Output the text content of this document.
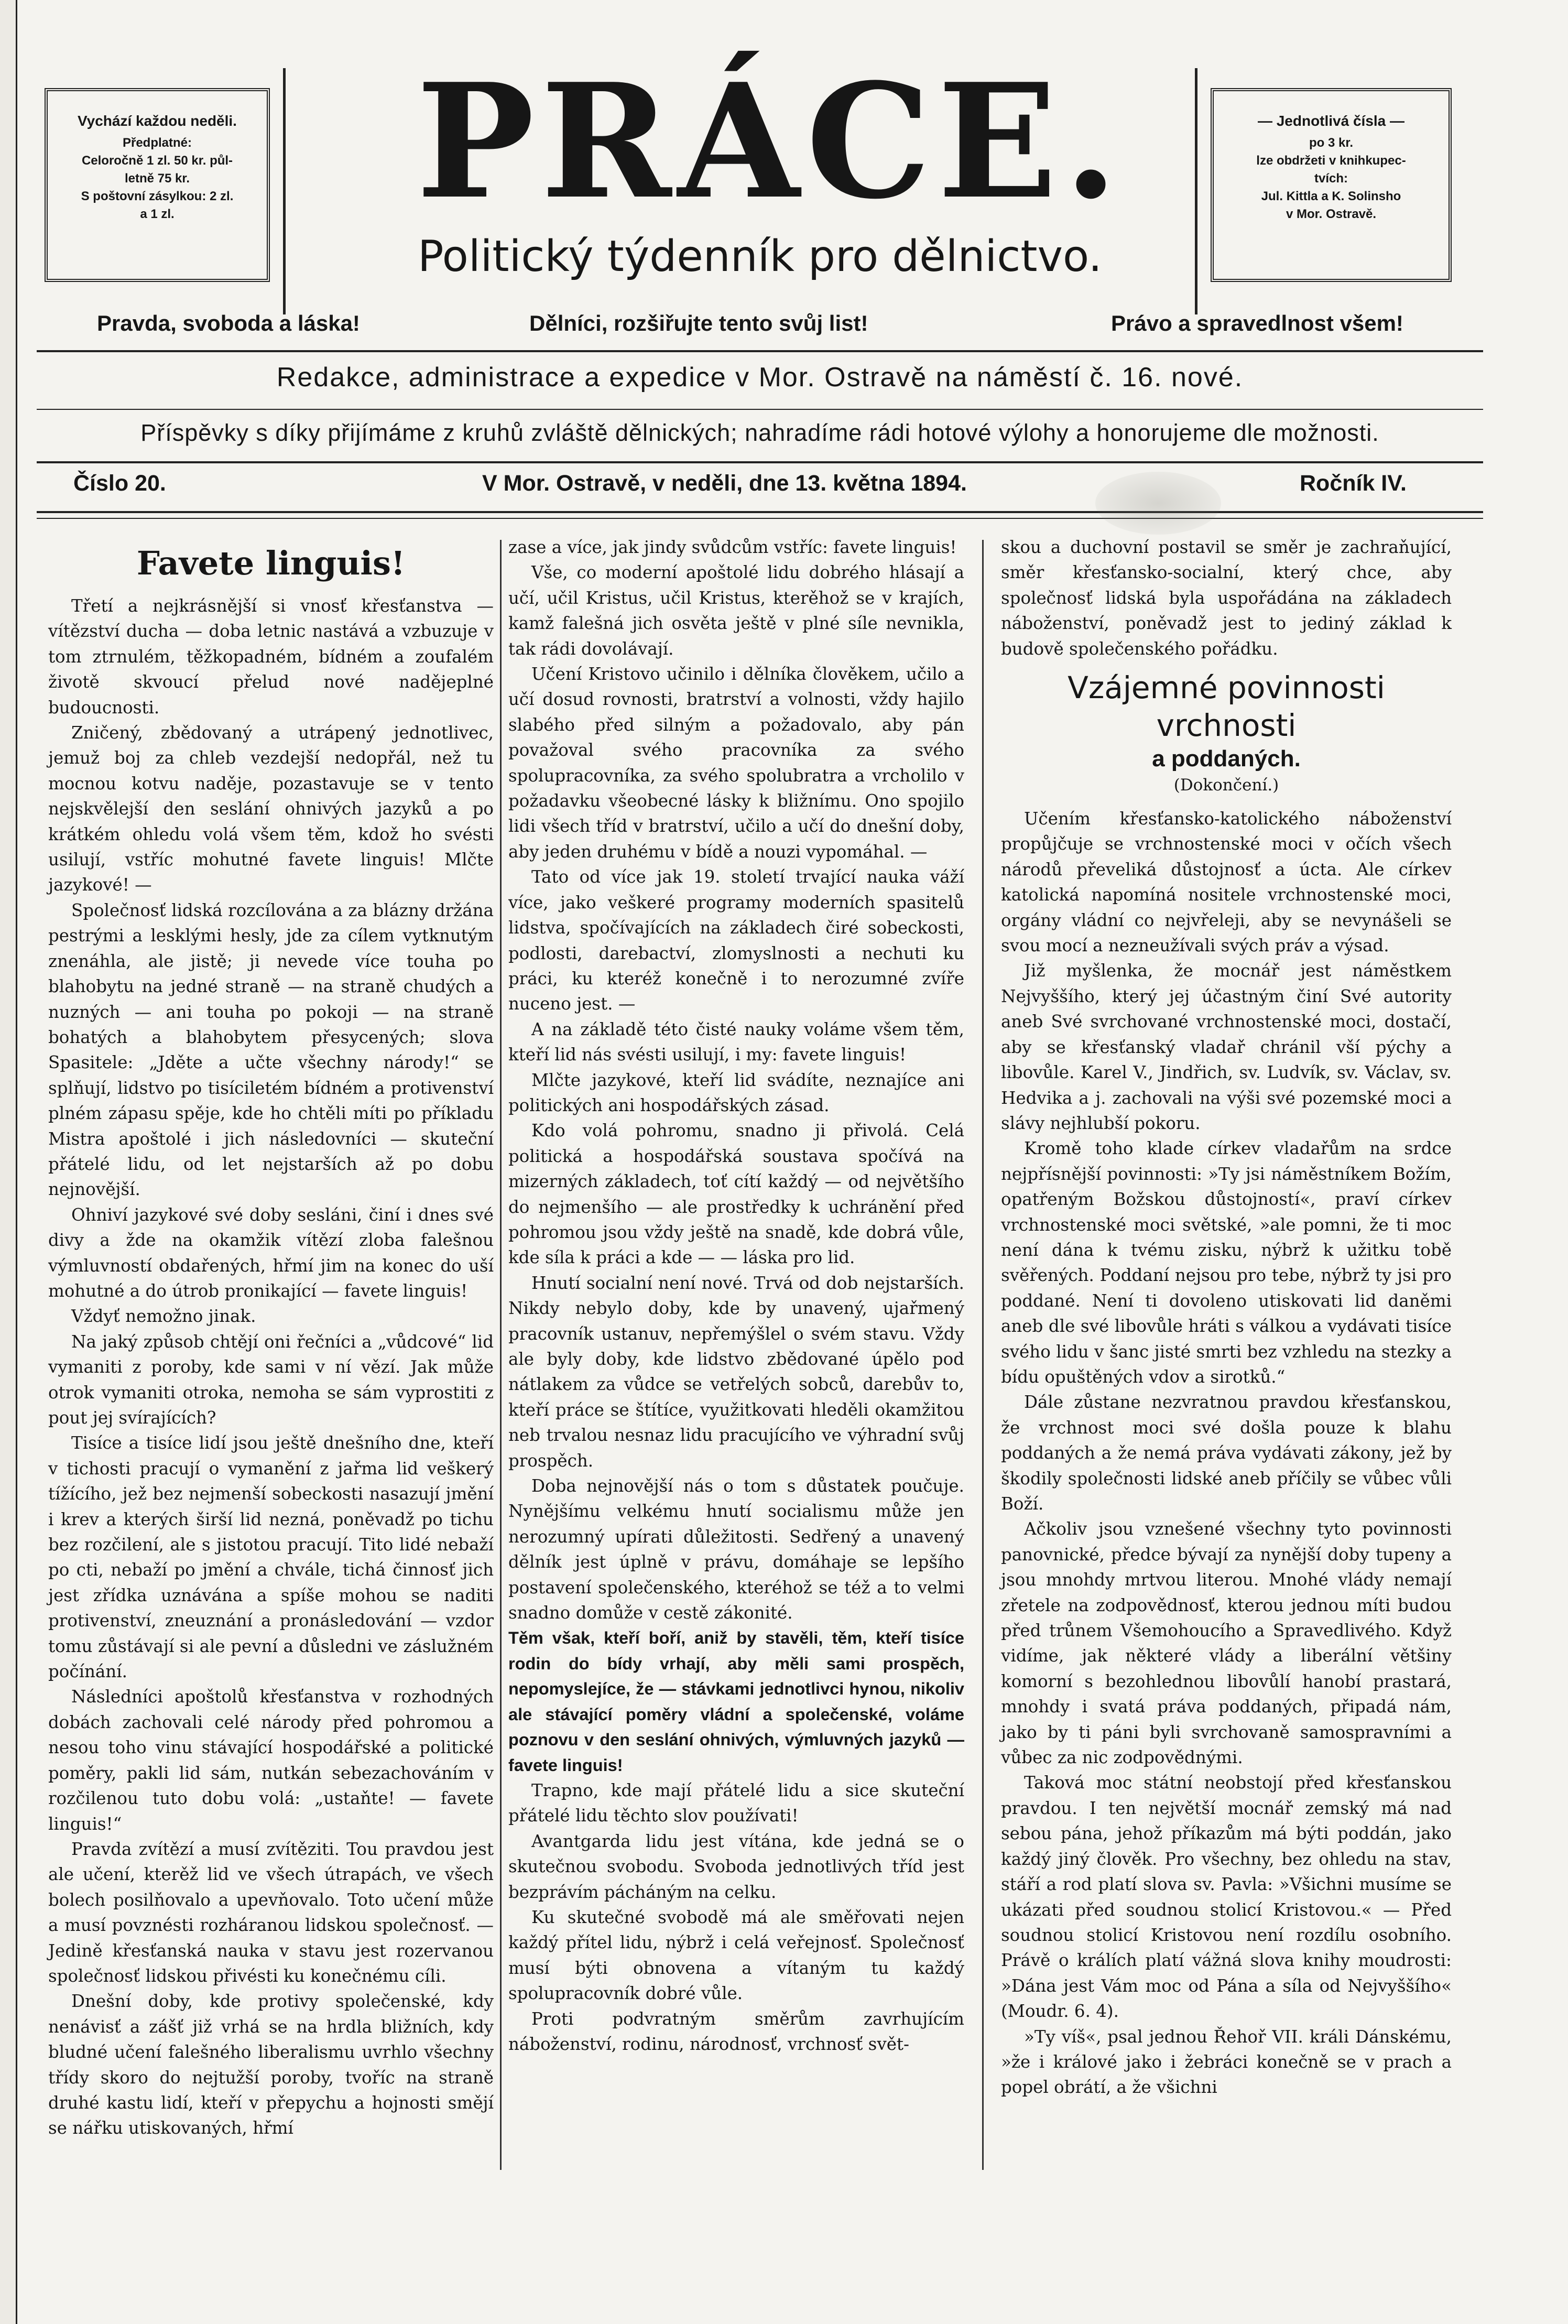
Vychází každou neděli.
Předplatné:
Celoročně 1 zl. 50 kr. půl-
letně 75 kr.
S poštovní zásylkou: 2 zl.
a 1 zl.	PRÁCE.
Politický týdenník pro dělnictvo.
— Jednotlivá čísla —
po 3 kr.
lze obdržeti v knihkupec-
tvích:
Jul. Kittla a K. Solinsho
v Mor. Ostravě.
Pravda, svoboda a láska!	Dělníci, rozšiřujte tento svůj list!	Právo a spravedlnost všem!
Redakce, administrace a expedice v Mor. Ostravě na náměstí č. 16. nové.
Příspěvky s díky přijímáme z kruhů zvláště dělnických; nahradíme rádi hotové výlohy a honorujeme dle možnosti.
Číslo 20.	V Mor. Ostravě, v neděli, dne 13. května 1894.	Ročník IV.
Favete linguis!

Třetí a nejkrásnější si vnosť křesťanstva — vítězství ducha — doba letnic nastává a vzbuzuje v tom ztrnulém, těžkopadném, bídném a zoufalém životě skvoucí přelud nové nadějeplné budoucnosti.

Zničený, zbědovaný a utrápený jednotlivec, jemuž boj za chleb vezdejší nedopřál, než tu mocnou kotvu naděje, pozastavuje se v tento nejskvělejší den seslání ohnivých jazyků a po krátkém ohledu volá všem těm, kdož ho svésti usilují, vstříc mohutné favete linguis! Mlčte jazykové! —

Společnosť lidská rozcílována a za blázny držána pestrými a lesklými hesly, jde za cílem vytknutým znenáhla, ale jistě; ji nevede více touha po blahobytu na jedné straně — na straně chudých a nuzných — ani touha po pokoji — na straně bohatých a blahobytem přesycených; slova Spasitele: „Jděte a učte všechny národy!“ se splňují, lidstvo po tisíciletém bídném a protivenství plném zápasu spěje, kde ho chtěli míti po příkladu Mistra apoštolé i jich následovníci — skuteční přátelé lidu, od let nejstarších až po dobu nejnovější.

Ohniví jazykové své doby sesláni, činí i dnes své divy a žde na okamžik vítězí zloba falešnou výmluvností obdařených, hřmí jim na konec do uší mohutné a do útrob pronikající — favete linguis!

Vždyť nemožno jinak.

Na jaký způsob chtějí oni řečníci a „vůdcové“ lid vymaniti z poroby, kde sami v ní vězí. Jak může otrok vymaniti otroka, nemoha se sám vyprostiti z pout jej svírajících?

Tisíce a tisíce lidí jsou ještě dnešního dne, kteří v tichosti pracují o vymanění z jařma lid veškerý tížícího, jež bez nejmenší sobeckosti nasazují jmění i krev a kterých širší lid nezná, poněvadž po tichu bez rozčilení, ale s jistotou pracují. Tito lidé nebaží po cti, nebaží po jmění a chvále, tichá činnosť jich jest zřídka uznávána a spíše mohou se naditi protivenství, zneuznání a pronásledování — vzdor tomu zůstávají si ale pevní a důsledni ve záslužném počínání.

Následníci apoštolů křesťanstva v rozhodných dobách zachovali celé národy před pohromou a nesou toho vinu stávající hospodářské a politické poměry, pakli lid sám, nutkán sebezachováním v rozčilenou tuto dobu volá: „ustaňte! — favete linguis!“

Pravda zvítězí a musí zvítěziti. Tou pravdou jest ale učení, kterěž lid ve všech útrapách, ve všech bolech posilňovalo a upevňovalo. Toto učení může a musí povznésti rozháranou lidskou společnosť. — Jedině křesťanská nauka v stavu jest rozervanou společnosť lidskou přivésti ku konečnému cíli.

Dnešní doby, kde protivy společenské, kdy nenávisť a zášť již vrhá se na hrdla bližních, kdy bludné učení falešného liberalismu uvrhlo všechny třídy skoro do nejtužší poroby, tvoříc na straně druhé kastu lidí, kteří v přepychu a hojnosti smějí se nářku utiskovaných, hřmí

zase a více, jak jindy svůdcům vstříc: favete linguis!

Vše, co moderní apoštolé lidu dobrého hlásají a učí, učil Kristus, učil Kristus, kterěhož se v krajích, kamž falešná jich osvěta ještě v plné síle nevnikla, tak rádi dovolávají.

Učení Kristovo učinilo i dělníka člověkem, učilo a učí dosud rovnosti, bratrství a volnosti, vždy hajilo slabého před silným a požadovalo, aby pán považoval svého pracovníka za svého spolupracovníka, za svého spolubratra a vrcholilo v požadavku všeobecné lásky k bližnímu. Ono spojilo lidi všech tříd v bratrství, učilo a učí do dnešní doby, aby jeden druhému v bídě a nouzi vypomáhal. —

Tato od více jak 19. století trvající nauka váží více, jako veškeré programy moderních spasitelů lidstva, spočívajících na základech čiré sobeckosti, podlosti, darebactví, zlomyslnosti a nechuti ku práci, ku kteréž konečně i to nerozumné zvíře nuceno jest. —

A na základě této čisté nauky voláme všem těm, kteří lid nás svésti usilují, i my: favete linguis!

Mlčte jazykové, kteří lid svádíte, neznajíce ani politických ani hospodářských zásad.

Kdo volá pohromu, snadno ji přivolá. Celá politická a hospodářská soustava spočívá na mizerných základech, toť cítí každý — od největšího do nejmenšího — ale prostředky k uchránění před pohromou jsou vždy ještě na snadě, kde dobrá vůle, kde síla k práci a kde — — láska pro lid.

Hnutí socialní není nové. Trvá od dob nejstarších. Nikdy nebylo doby, kde by unavený, ujařmený pracovník ustanuv, nepřemýšlel o svém stavu. Vždy ale byly doby, kde lidstvo zbědované úpělo pod nátlakem za vůdce se vetřelých sobců, darebův to, kteří práce se štítíce, využitkovati hleděli okamžitou neb trvalou nesnaz lidu pracujícího ve výhradní svůj prospěch.

Doba nejnovější nás o tom s důstatek poučuje. Nynějšímu velkému hnutí socialismu může jen nerozumný upírati důležitosti. Sedřený a unavený dělník jest úplně v právu, domáhaje se lepšího postavení společenského, kteréhož se též a to velmi snadno domůže v cestě zákonité.

Těm však, kteří boří, aniž by stavěli, těm, kteří tisíce rodin do bídy vrhají, aby měli sami prospěch, nepomyslejíce, že — stávkami jednotlivci hynou, nikoliv ale stávající poměry vládní a společenské, voláme poznovu v den seslání ohnivých, výmluvných jazyků — favete linguis!

Trapno, kde mají přátelé lidu a sice skuteční přátelé lidu těchto slov používati!

Avantgarda lidu jest vítána, kde jedná se o skutečnou svobodu. Svoboda jednotlivých tříd jest bezprávím pácháným na celku.

Ku skutečné svobodě má ale směřovati nejen každý přítel lidu, nýbrž i celá veřejnosť. Společnosť musí býti obnovena a vítaným tu každý spolupracovník dobré vůle.

Proti podvratným směrům zavrhujícím náboženství, rodinu, národnosť, vrchnosť svět-

skou a duchovní postavil se směr je zachraňující, směr křesťansko-socialní, který chce, aby společnosť lidská byla uspořádána na základech náboženství, poněvadž jest to jediný základ k budově společenského pořádku.

Vzájemné povinnosti vrchnosti
a poddaných.
(Dokončení.)

Učením křesťansko-katolického náboženství propůjčuje se vrchnostenské moci v očích všech národů převeliká důstojnosť a úcta. Ale církev katolická napomíná nositele vrchnostenské moci, orgány vládní co nejvřeleji, aby se nevynášeli se svou mocí a nezneužívali svých práv a výsad.

Již myšlenka, že mocnář jest náměstkem Nejvyššího, který jej účastným činí Své autority aneb Své svrchované vrchnostenské moci, dostačí, aby se křesťanský vladař chránil vší pýchy a libovůle. Karel V., Jindřich, sv. Ludvík, sv. Václav, sv. Hedvika a j. zachovali na výši své pozemské moci a slávy nejhlubší pokoru.

Kromě toho klade církev vladařům na srdce nejpřísnější povinnosti: »Ty jsi náměstníkem Božím, opatřeným Božskou důstojností«, praví církev vrchnostenské moci světské, »ale pomni, že ti moc není dána k tvému zisku, nýbrž k užitku tobě svěřených. Poddaní nejsou pro tebe, nýbrž ty jsi pro poddané. Není ti dovoleno utiskovati lid daněmi aneb dle své libovůle hráti s válkou a vydávati tisíce svého lidu v šanc jisté smrti bez vzhledu na stezky a bídu opuštěných vdov a sirotků.“

Dále zůstane nezvratnou pravdou křesťanskou, že vrchnost moci své došla pouze k blahu poddaných a že nemá práva vydávati zákony, jež by škodily společnosti lidské aneb příčily se vůbec vůli Boží.

Ačkoliv jsou vznešené všechny tyto povinnosti panovnické, předce bývají za nynější doby tupeny a jsou mnohdy mrtvou literou. Mnohé vlády nemají zřetele na zodpovědnosť, kterou jednou míti budou před trůnem Všemohoucího a Spravedlivého. Když vidíme, jak některé vlády a liberální většiny komorní s bezohlednou libovůlí hanobí prastará, mnohdy i svatá práva poddaných, připadá nám, jako by ti páni byli svrchovaně samospravními a vůbec za nic zodpovědnými.

Taková moc státní neobstojí před křesťanskou pravdou. I ten největší mocnář zemský má nad sebou pána, jehož příkazům má býti poddán, jako každý jiný člověk. Pro všechny, bez ohledu na stav, stáří a rod platí slova sv. Pavla: »Všichni musíme se ukázati před soudnou stolicí Kristovou.« — Před soudnou stolicí Kristovou není rozdílu osobního. Právě o králích platí vážná slova knihy moudrosti: »Dána jest Vám moc od Pána a síla od Nejvyššího« (Moudr. 6. 4).

»Ty víš«, psal jednou Řehoř VII. králi Dánskému, »že i králové jako i žebráci konečně se v prach a popel obrátí, a že všichni
